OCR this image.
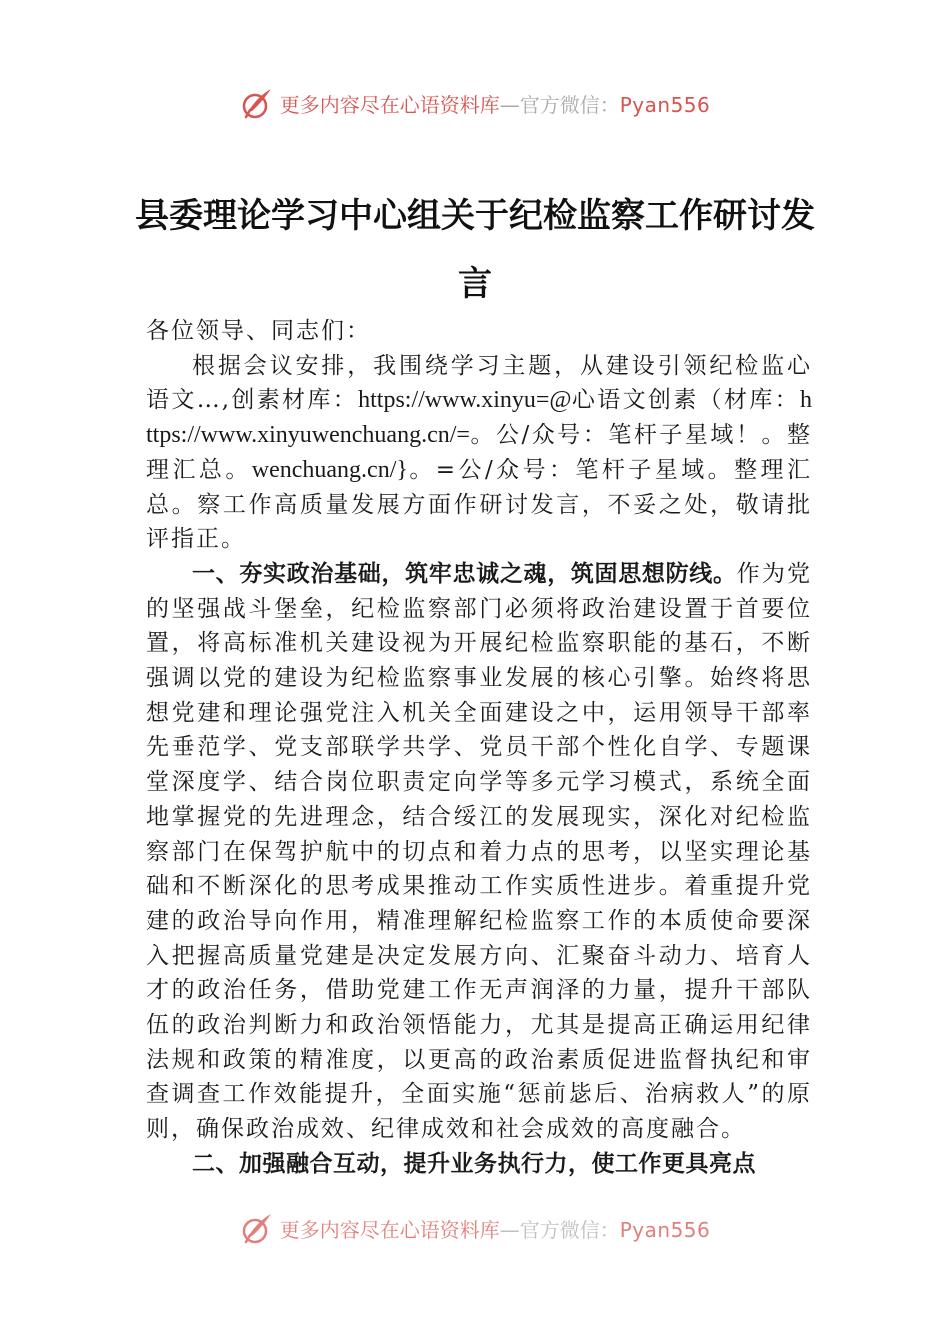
更多内容尽在心语资料库—官方微信：Pyan556
县委理论学习中心组关于纪检监察工作研讨发言

各位领导、同志们：

根据会议安排，我围绕学习主题，从建设引领纪检监心语文…,创素材库：https://www.xinyu=@心语文创素（材库：https://www.xinyuwenchuang.cn/=。公/众号：笔杆子星域！。整理汇总。wenchuang.cn/}。=公/众号：笔杆子星域。整理汇总。察工作高质量发展方面作研讨发言，不妥之处，敬请批评指正。

一、夯实政治基础，筑牢忠诚之魂，筑固思想防线。作为党的坚强战斗堡垒，纪检监察部门必须将政治建设置于首要位置，将高标准机关建设视为开展纪检监察职能的基石，不断强调以党的建设为纪检监察事业发展的核心引擎。始终将思想党建和理论强党注入机关全面建设之中，运用领导干部率先垂范学、党支部联学共学、党员干部个性化自学、专题课堂深度学、结合岗位职责定向学等多元学习模式，系统全面地掌握党的先进理念，结合绥江的发展现实，深化对纪检监察部门在保驾护航中的切点和着力点的思考，以坚实理论基础和不断深化的思考成果推动工作实质性进步。着重提升党建的政治导向作用，精准理解纪检监察工作的本质使命要深入把握高质量党建是决定发展方向、汇聚奋斗动力、培育人才的政治任务，借助党建工作无声润泽的力量，提升干部队伍的政治判断力和政治领悟能力，尤其是提高正确运用纪律法规和政策的精准度，以更高的政治素质促进监督执纪和审查调查工作效能提升，全面实施“惩前毖后、治病救人”的原则，确保政治成效、纪律成效和社会成效的高度融合。

二、加强融合互动，提升业务执行力，使工作更具亮点

更多内容尽在心语资料库—官方微信：Pyan556
